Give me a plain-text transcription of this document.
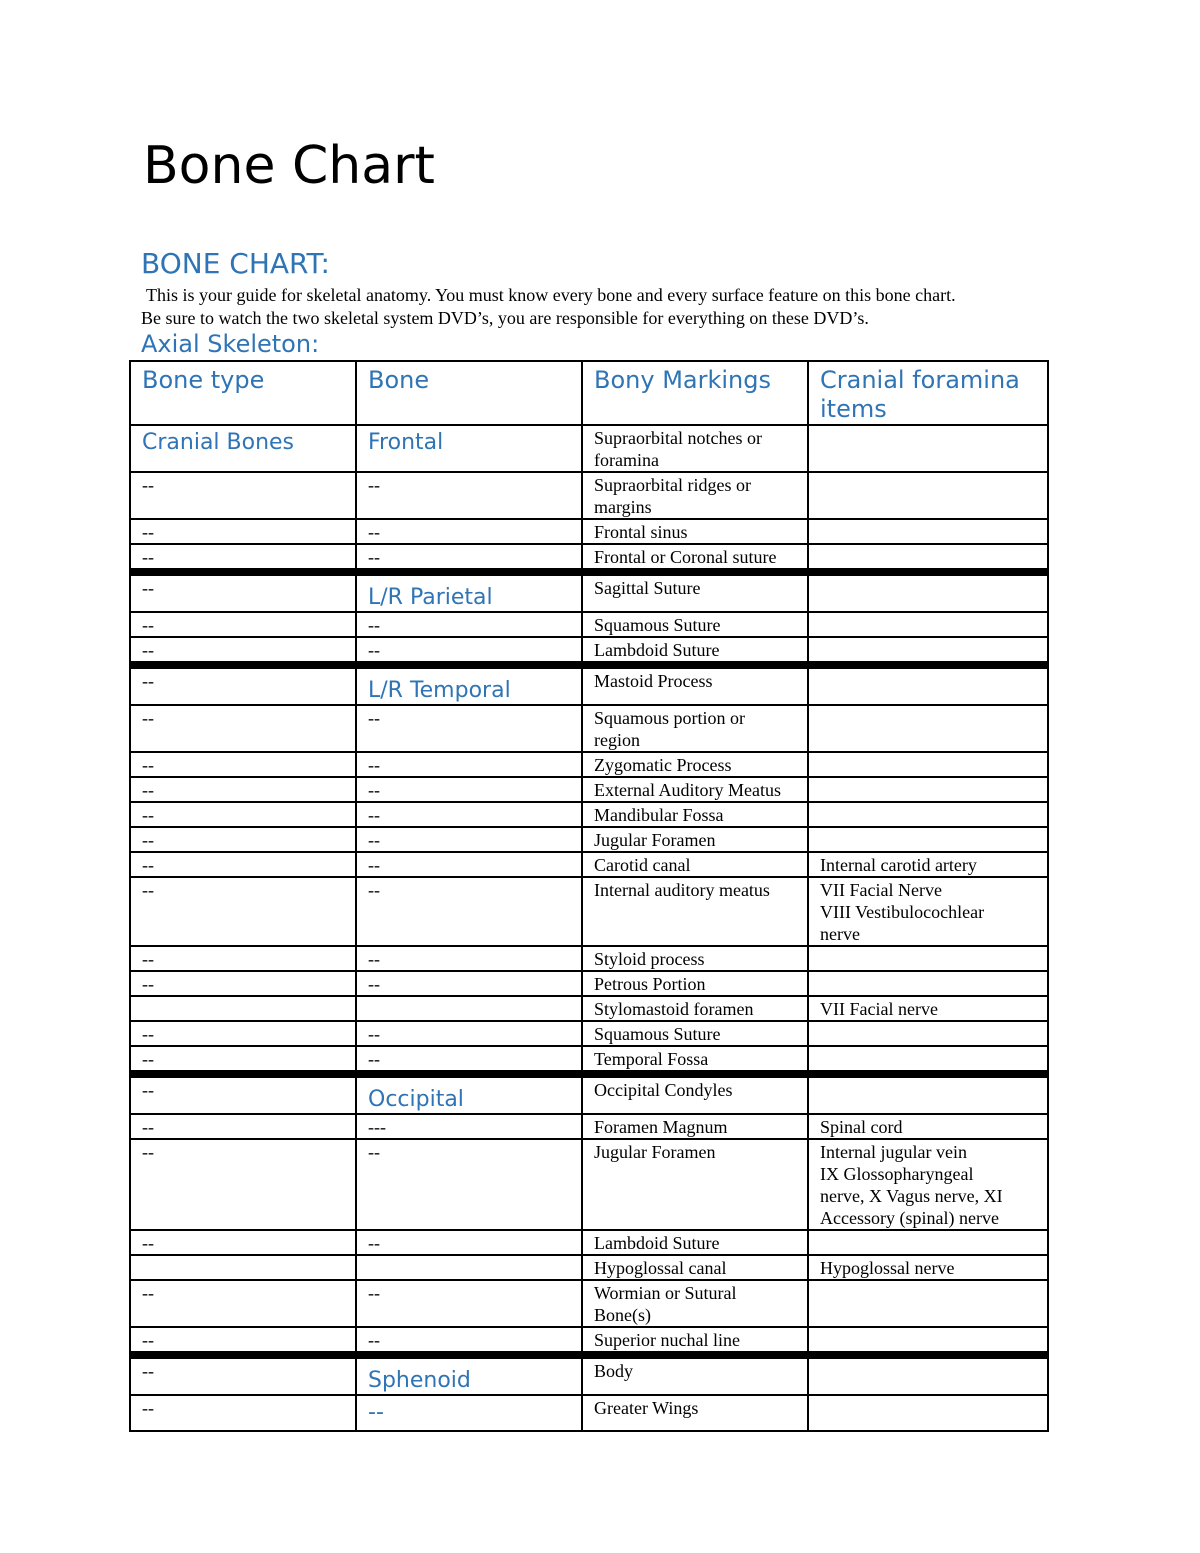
Bone Chart
BONE CHART:
This is your guide for skeletal anatomy. You must know every bone and every surface feature on this bone chart.
Be sure to watch the two skeletal system DVD’s, you are responsible for everything on these DVD’s.
Axial Skeleton:
Bone type	Bone	Bony Markings	Cranial foramina items
Cranial Bones	Frontal	Supraorbital notches or
foramina	

--	--	Supraorbital ridges or
margins	

--	--	Frontal sinus	

--	--	Frontal or Coronal suture	

--	L/R Parietal	Sagittal Suture	

--	--	Squamous Suture	

--	--	Lambdoid Suture	

--	L/R Temporal	Mastoid Process	

--	--	Squamous portion or
region	

--	--	Zygomatic Process	

--	--	External Auditory Meatus	

--	--	Mandibular Fossa	

--	--	Jugular Foramen	

--	--	Carotid canal	Internal carotid artery

--	--	Internal auditory meatus	VII Facial Nerve
VIII Vestibulocochlear
nerve

--	--	Styloid process	

--	--	Petrous Portion	

		Stylomastoid foramen	VII Facial nerve

--	--	Squamous Suture	

--	--	Temporal Fossa	

--	Occipital	Occipital Condyles	

--	---	Foramen Magnum	Spinal cord

--	--	Jugular Foramen	Internal jugular vein
IX Glossopharyngeal
nerve, X Vagus nerve, XI
Accessory (spinal) nerve

--	--	Lambdoid Suture	

		Hypoglossal canal	Hypoglossal nerve

--	--	Wormian or Sutural
Bone(s)	

--	--	Superior nuchal line	

--	Sphenoid	Body	

--	--	Greater Wings	
